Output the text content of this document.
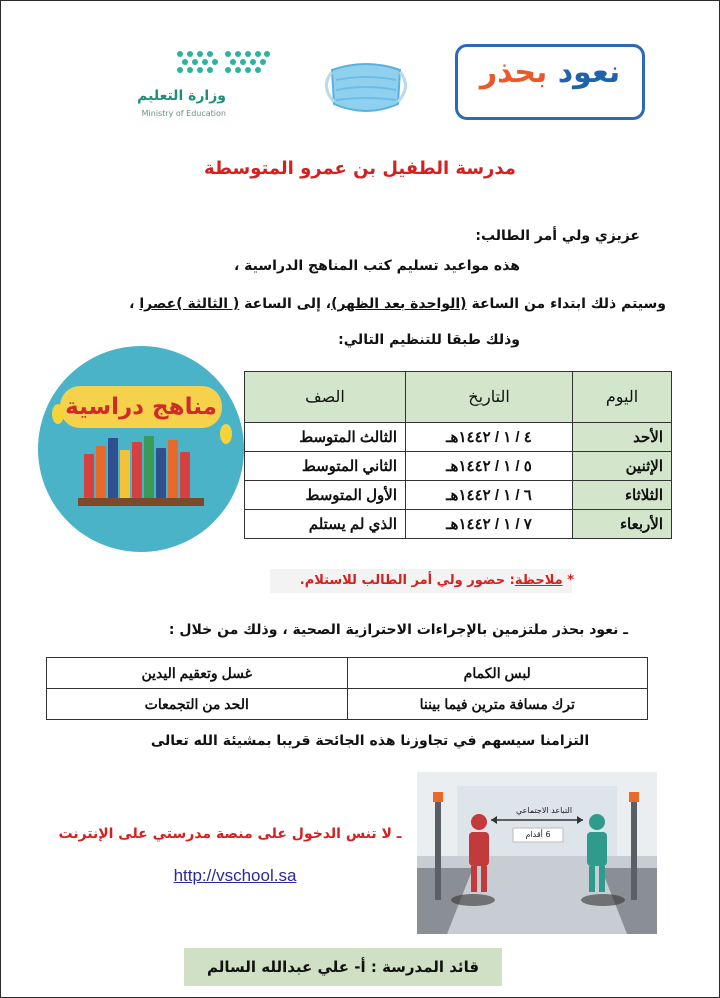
وزارة التعليم
Ministry of Education
نعود بحذر
مدرسة الطفيل بن عمرو المتوسطة
عزيزي ولي أمر الطالب:
هذه مواعيد تسليم كتب المناهج الدراسية ،
وسيتم ذلك ابتداء من الساعة (الواحدة بعد الظهر)، إلى الساعة ( الثالثة )عصرا ،
وذلك طبقا للتنظيم التالي:
مناهج دراسية	اليوم	التاريخ	الصف
الأحد	٤ / ١ / ١٤٤٢هـ	الثالث المتوسط
الإثنين	٥ / ١ / ١٤٤٢هـ	الثاني المتوسط
الثلاثاء	٦ / ١ / ١٤٤٢هـ	الأول المتوسط
الأربعاء	٧ / ١ / ١٤٤٢هـ	الذي لم يستلم
* ملاحظة: حضور ولي أمر الطالب للاستلام.
ـ نعود بحذر ملتزمين بالإجراءات الاحترازية الصحية ، وذلك من خلال :
لبس الكمام	غسل وتعقيم اليدين
ترك مسافة مترين فيما بيننا	الحد من التجمعات
التزامنا سيسهم في تجاوزنا هذه الجائحة قريبا بمشيئة الله تعالى
ـ لا تنس الدخول على منصة مدرستي على الإنترنت
http://vschool.sa
التباعد الاجتماعي
6 أقدام
قائد المدرسة : أ- علي عبدالله السالم
